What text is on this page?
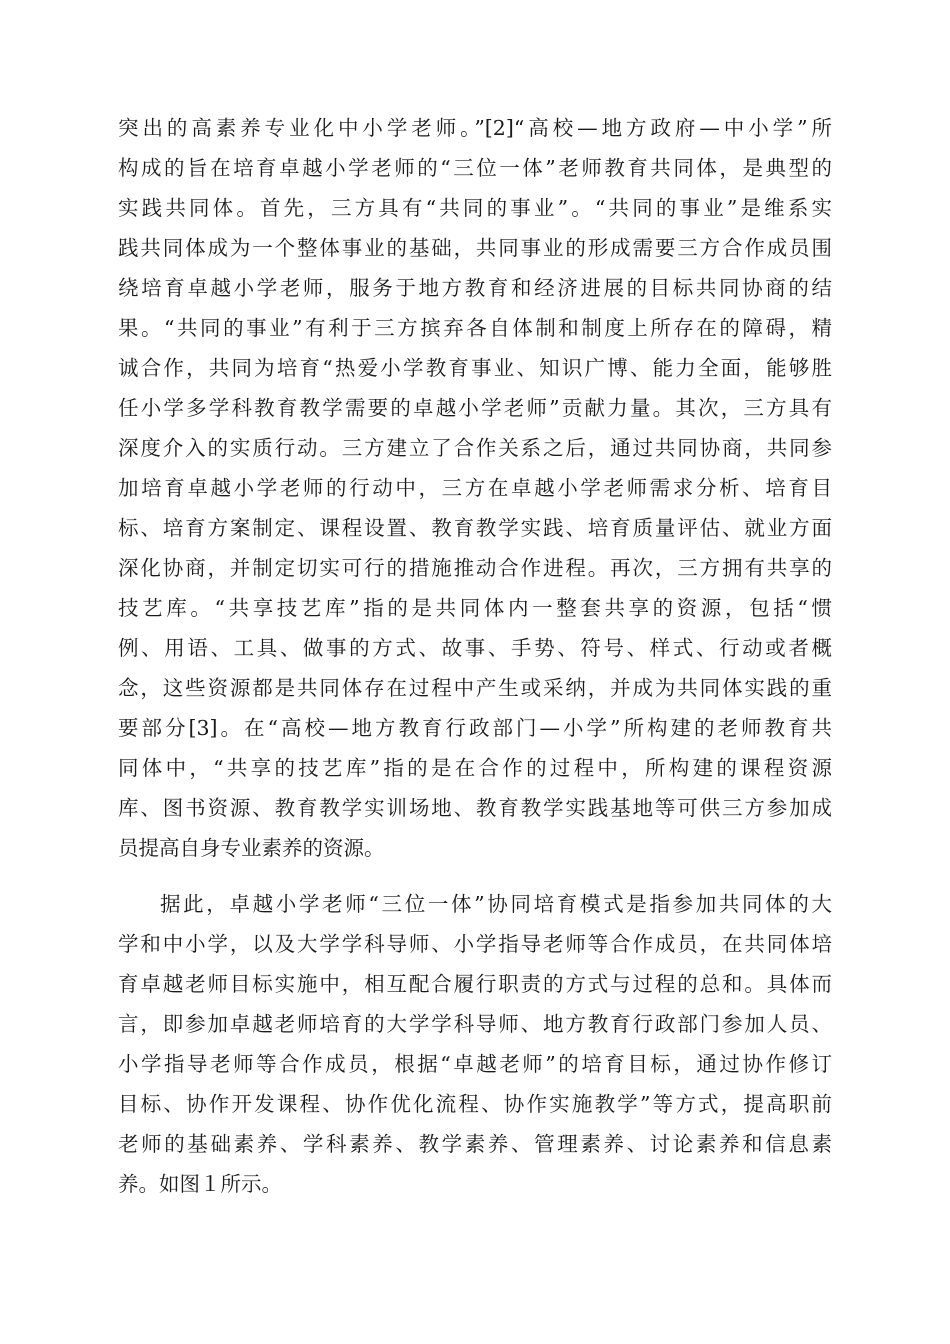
突出的高素养专业化中小学老师。”[2]“高校—地方政府—中小学”所
构成的旨在培育卓越小学老师的“三位一体”老师教育共同体，是典型的
实践共同体。首先，三方具有“共同的事业”。“共同的事业”是维系实
践共同体成为一个整体事业的基础，共同事业的形成需要三方合作成员围
绕培育卓越小学老师，服务于地方教育和经济进展的目标共同协商的结
果。“共同的事业”有利于三方摈弃各自体制和制度上所存在的障碍，精
诚合作，共同为培育“热爱小学教育事业、知识广博、能力全面，能够胜
任小学多学科教育教学需要的卓越小学老师”贡献力量。其次，三方具有
深度介入的实质行动。三方建立了合作关系之后，通过共同协商，共同参
加培育卓越小学老师的行动中，三方在卓越小学老师需求分析、培育目
标、培育方案制定、课程设置、教育教学实践、培育质量评估、就业方面
深化协商，并制定切实可行的措施推动合作进程。再次，三方拥有共享的
技艺库。“共享技艺库”指的是共同体内一整套共享的资源，包括“惯
例、用语、工具、做事的方式、故事、手势、符号、样式、行动或者概
念，这些资源都是共同体存在过程中产生或采纳，并成为共同体实践的重
要部分[3]。在“高校—地方教育行政部门—小学”所构建的老师教育共
同体中，“共享的技艺库”指的是在合作的过程中，所构建的课程资源
库、图书资源、教育教学实训场地、教育教学实践基地等可供三方参加成
员提高自身专业素养的资源。
据此，卓越小学老师“三位一体”协同培育模式是指参加共同体的大
学和中小学，以及大学学科导师、小学指导老师等合作成员，在共同体培
育卓越老师目标实施中，相互配合履行职责的方式与过程的总和。具体而
言，即参加卓越老师培育的大学学科导师、地方教育行政部门参加人员、
小学指导老师等合作成员，根据“卓越老师”的培育目标，通过协作修订
目标、协作开发课程、协作优化流程、协作实施教学”等方式，提高职前
老师的基础素养、学科素养、教学素养、管理素养、讨论素养和信息素
养。如图１所示。
